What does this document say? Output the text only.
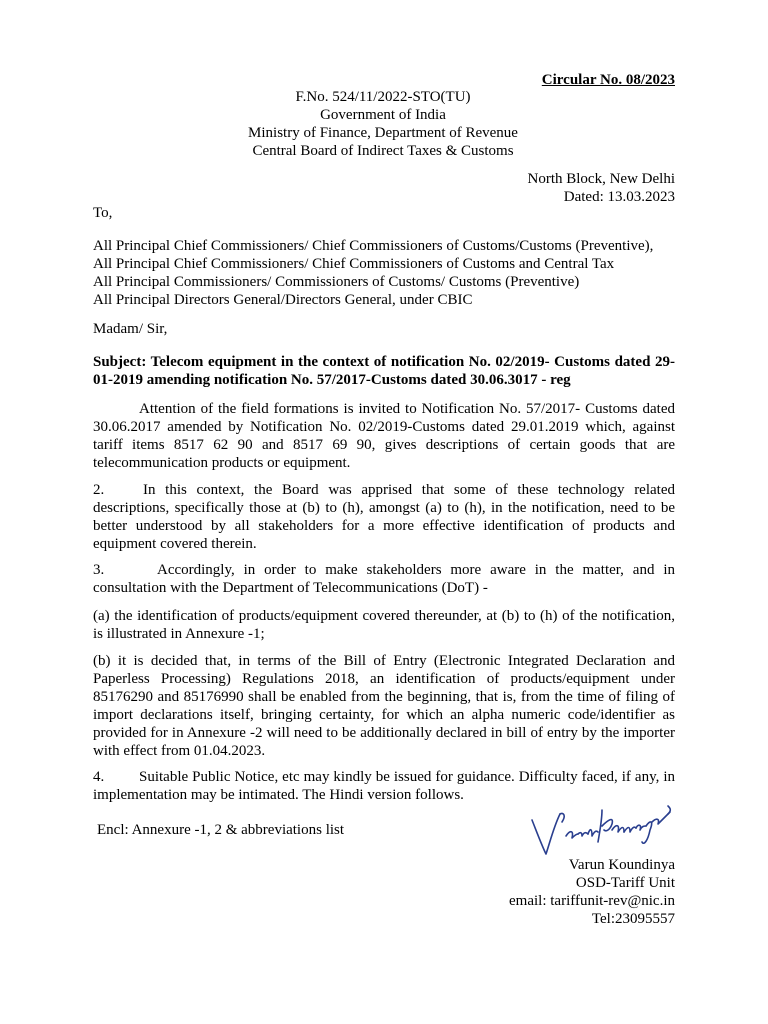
Circular No. 08/2023
F.No. 524/11/2022-STO(TU)
Government of India
Ministry of Finance, Department of Revenue
Central Board of Indirect Taxes & Customs
North Block, New Delhi
Dated: 13.03.2023
To,
All Principal Chief Commissioners/ Chief Commissioners of Customs/Customs (Preventive),
All Principal Chief Commissioners/ Chief Commissioners of Customs and Central Tax
All Principal Commissioners/ Commissioners of Customs/ Customs (Preventive)
All Principal Directors General/Directors General, under CBIC
Madam/ Sir,
Subject: Telecom equipment in the context of notification No. 02/2019- Customs dated 29-01-2019 amending notification No. 57/2017-Customs dated 30.06.3017 - reg
Attention of the field formations is invited to Notification No. 57/2017- Customs dated 30.06.2017 amended by Notification No. 02/2019-Customs dated 29.01.2019 which, against tariff items 8517 62 90 and 8517 69 90, gives descriptions of certain goods that are telecommunication products or equipment.
2.	In this context, the Board was apprised that some of these technology related descriptions, specifically those at (b) to (h), amongst (a) to (h), in the notification, need to be better understood by all stakeholders for a more effective identification of products and equipment covered therein.
3.	Accordingly, in order to make stakeholders more aware in the matter, and in consultation with the Department of Telecommunications (DoT) -
(a) the identification of products/equipment covered thereunder, at (b) to (h) of the notification, is illustrated in Annexure -1;
(b) it is decided that, in terms of the Bill of Entry (Electronic Integrated Declaration and Paperless Processing) Regulations 2018, an identification of products/equipment under 85176290 and 85176990 shall be enabled from the beginning, that is, from the time of filing of import declarations itself, bringing certainty, for which an alpha numeric code/identifier as provided for in Annexure -2 will need to be additionally declared in bill of entry by the importer with effect from 01.04.2023.
4. Suitable Public Notice, etc may kindly be issued for guidance. Difficulty faced, if any, in implementation may be intimated. The Hindi version follows.
Encl: Annexure -1, 2 & abbreviations list
Varun Koundinya
OSD-Tariff Unit
email: tariffunit-rev@nic.in
Tel:23095557
